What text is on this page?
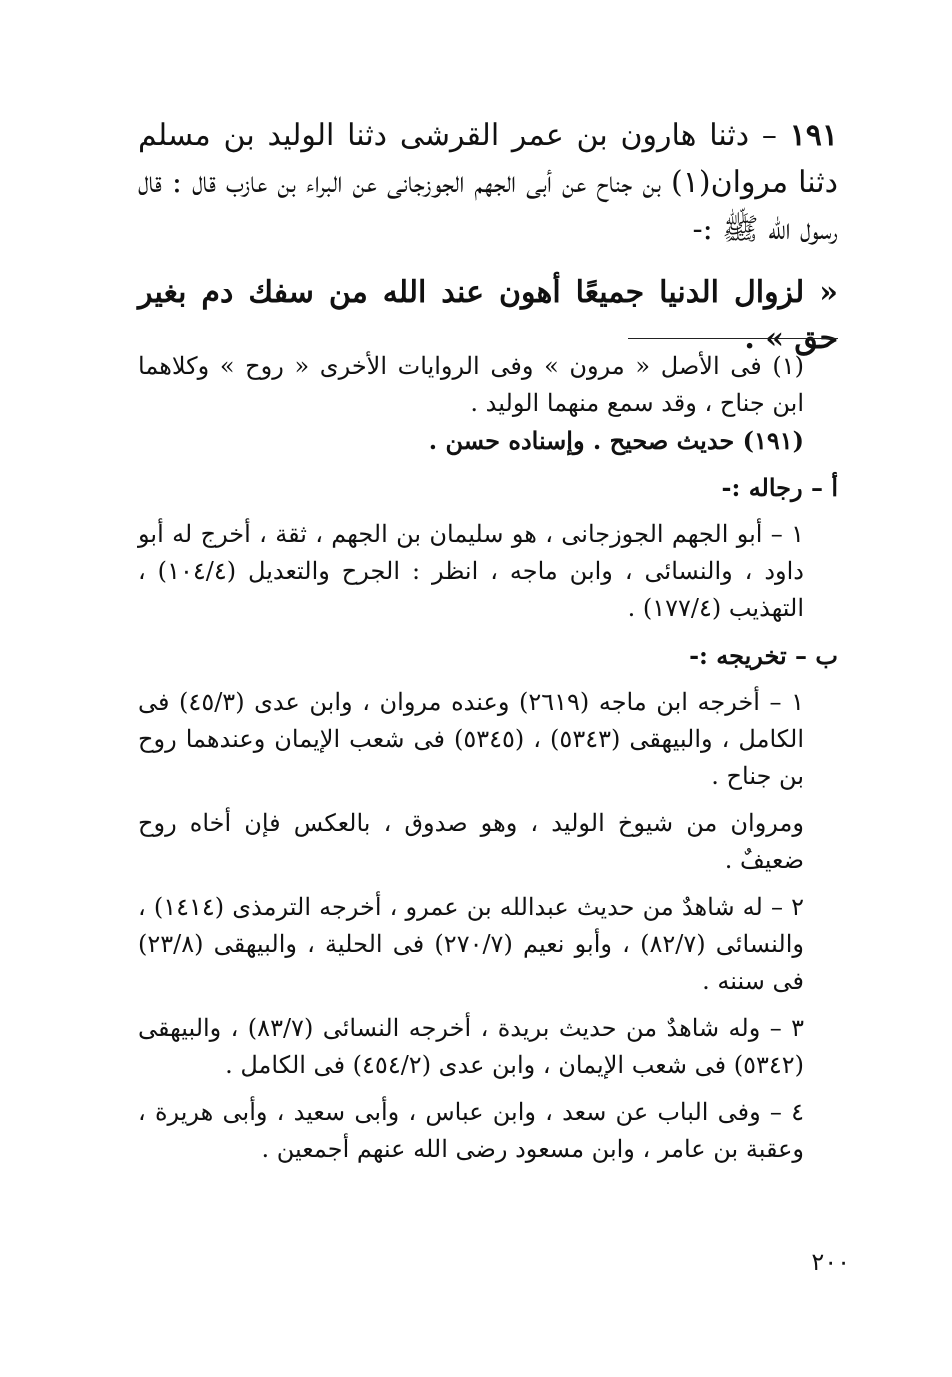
١٩١ – دثنا هارون بن عمر القرشى دثنا الوليد بن مسلم دثنا مروان(١) بن جناح عن أبى الجهم الجوزجانى عن البراء بن عازب قال : قال رسول الله ﷺ :-
« لزوال الدنيا جميعًا أهون عند الله من سفك دم بغير حق » .

(١) فى الأصل « مرون » وفى الروايات الأخرى « روح » وكلاهما ابن جناح ، وقد سمع منهما الوليد .

(١٩١) حديث صحيح . وإسناده حسن .

أ – رجاله :-

١ – أبو الجهم الجوزجانى ، هو سليمان بن الجهم ، ثقة ، أخرج له أبو داود ، والنسائى ، وابن ماجه ، انظر : الجرح والتعديل (١٠٤/٤) ، التهذيب (١٧٧/٤) .

ب – تخريجه :-

١ – أخرجه ابن ماجه (٢٦١٩) وعنده مروان ، وابن عدى (٤٥/٣) فى الكامل ، والبيهقى (٥٣٤٣) ، (٥٣٤٥) فى شعب الإيمان وعندهما روح بن جناح .

ومروان من شيوخ الوليد ، وهو صدوق ، بالعكس فإن أخاه روح ضعيفٌ .

٢ – له شاهدٌ من حديث عبدالله بن عمرو ، أخرجه الترمذى (١٤١٤) ، والنسائى (٨٢/٧) ، وأبو نعيم (٢٧٠/٧) فى الحلية ، والبيهقى (٢٣/٨) فى سننه .

٣ – وله شاهدٌ من حديث بريدة ، أخرجه النسائى (٨٣/٧) ، والبيهقى (٥٣٤٢) فى شعب الإيمان ، وابن عدى (٤٥٤/٢) فى الكامل .

٤ – وفى الباب عن سعد ، وابن عباس ، وأبى سعيد ، وأبى هريرة ، وعقبة بن عامر ، وابن مسعود رضى الله عنهم أجمعين .

٢٠٠
